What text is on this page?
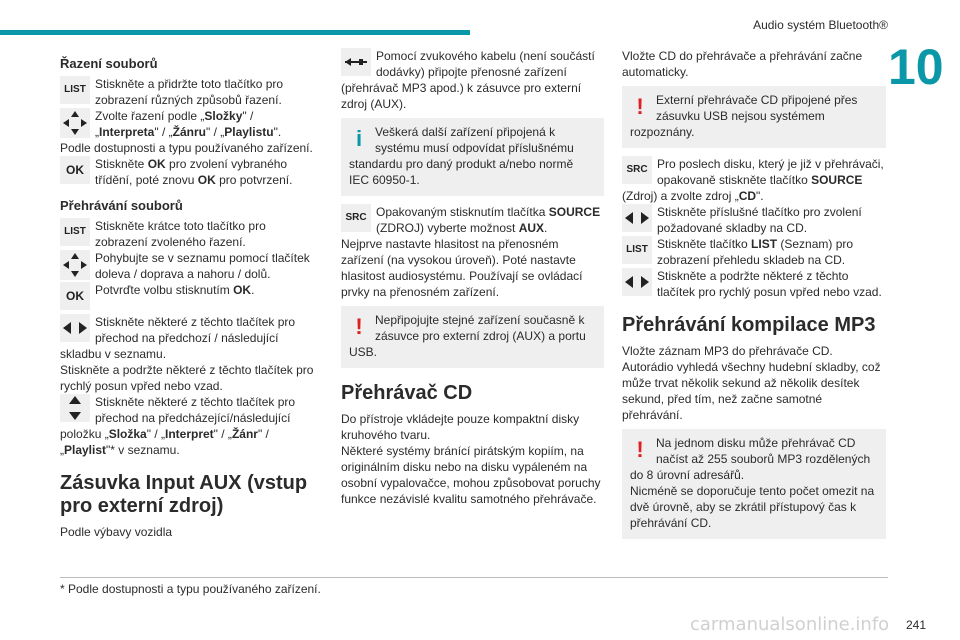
Audio systém Bluetooth®
10
Řazení souborů
LIST Stiskněte a přidržte toto tlačítko pro zobrazení různých způsobů řazení.

Zvolte řazení podle „Složky" / „Interpreta" / „Žánru" / „Playlistu".

Podle dostupnosti a typu používaného zařízení.

OK Stiskněte OK pro zvolení vybraného třídění, poté znovu OK pro potvrzení.

Přehrávání souborů
LIST Stiskněte krátce toto tlačítko pro zobrazení zvoleného řazení.

Pohybujte se v seznamu pomocí tlačítek doleva / doprava a nahoru / dolů.

OK Potvrďte volbu stisknutím OK.

Stiskněte některé z těchto tlačítek pro přechod na předchozí / následující skladbu v seznamu.

Stiskněte a podržte některé z těchto tlačítek pro rychlý posun vpřed nebo vzad.

Stiskněte některé z těchto tlačítek pro přechod na předcházející/následující položku „Složka" / „Interpret" / „Žánr" / „Playlist"* v seznamu.

Zásuvka Input AUX (vstup pro externí zdroj)

Podle výbavy vozidla

Pomocí zvukového kabelu (není součástí dodávky) připojte přenosné zařízení (přehrávač MP3 apod.) k zásuvce pro externí zdroj (AUX).

i	Veškerá další zařízení připojená k systému musí odpovídat příslušnému standardu pro daný produkt a/nebo normě IEC 60950-1.

SRC Opakovaným stisknutím tlačítka SOURCE (ZDROJ) vyberte možnost AUX.

Nejprve nastavte hlasitost na přenosném zařízení (na vysokou úroveň). Poté nastavte hlasitost audiosystému. Používají se ovládací prvky na přenosném zařízení.

!	Nepřipojujte stejné zařízení současně k zásuvce pro externí zdroj (AUX) a portu USB.

Přehrávač CD

Do přístroje vkládejte pouze kompaktní disky kruhového tvaru.

Některé systémy bránící pirátským kopiím, na originálním disku nebo na disku vypáleném na osobní vypalovačce, mohou způsobovat poruchy funkce nezávislé kvalitu samotného přehrávače.

Vložte CD do přehrávače a přehrávání začne automaticky.

!	Externí přehrávače CD připojené přes zásuvku USB nejsou systémem rozpoznány.

SRC Pro poslech disku, který je již v přehrávači, opakovaně stiskněte tlačítko SOURCE (Zdroj) a zvolte zdroj „CD".

Stiskněte příslušné tlačítko pro zvolení požadované skladby na CD.

LIST Stiskněte tlačítko LIST (Seznam) pro zobrazení přehledu skladeb na CD.

Stiskněte a podržte některé z těchto tlačítek pro rychlý posun vpřed nebo vzad.

Přehrávání kompilace MP3

Vložte záznam MP3 do přehrávače CD. Autorádio vyhledá všechny hudební skladby, což může trvat několik sekund až několik desítek sekund, před tím, než začne samotné přehrávání.

!	Na jednom disku může přehrávač CD načíst až 255 souborů MP3 rozdělených do 8 úrovní adresářů.

Nicméně se doporučuje tento počet omezit na dvě úrovně, aby se zkrátil přístupový čas k přehrávání CD.

* Podle dostupnosti a typu používaného zařízení.
carmanualsonline.info 241
